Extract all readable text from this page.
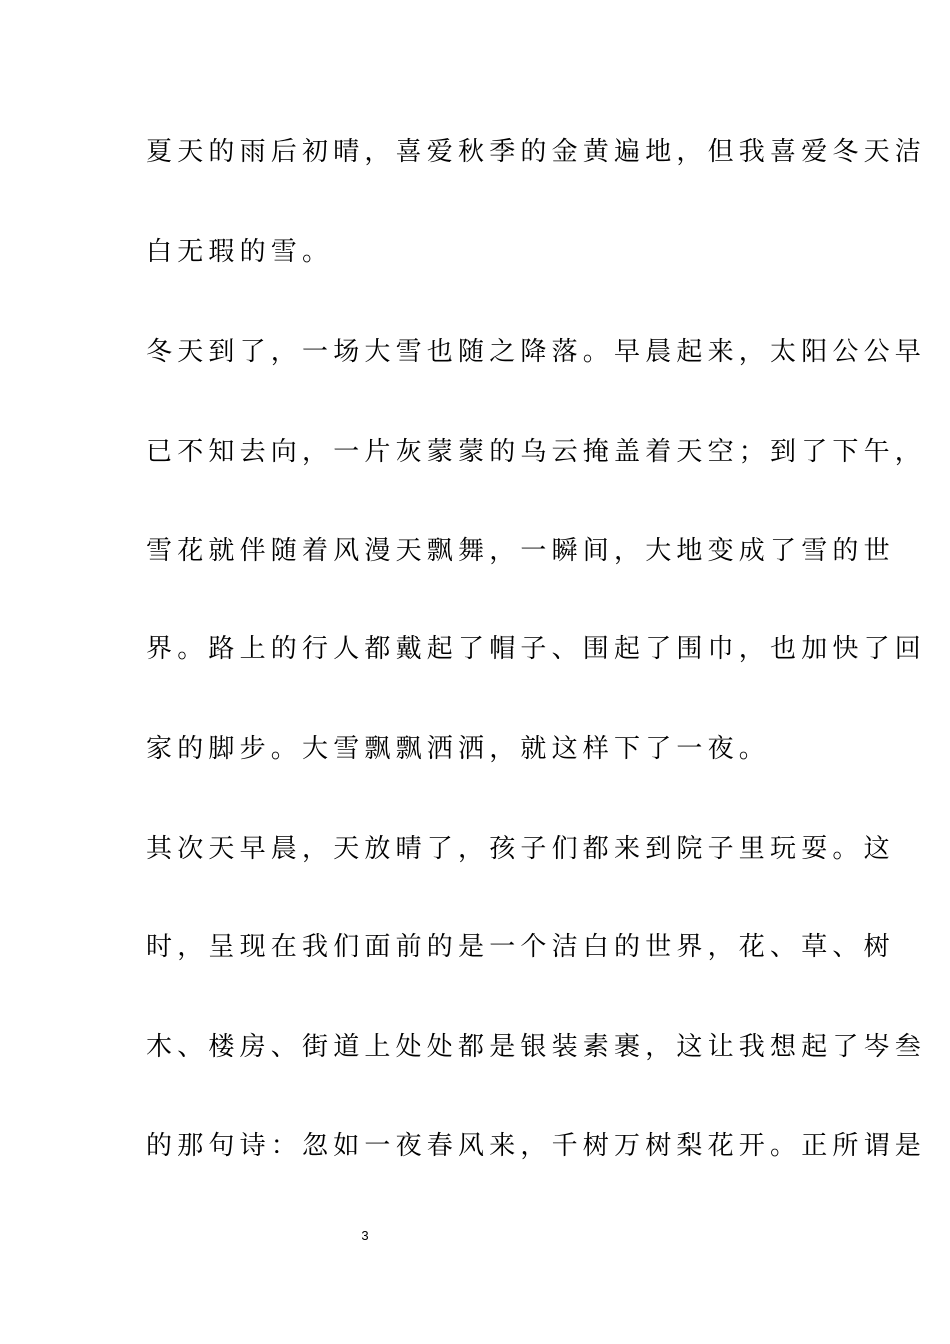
夏天的雨后初晴，喜爱秋季的金黄遍地，但我喜爱冬天洁
白无瑕的雪。
冬天到了，一场大雪也随之降落。早晨起来，太阳公公早
已不知去向，一片灰蒙蒙的乌云掩盖着天空；到了下午，
雪花就伴随着风漫天飘舞，一瞬间，大地变成了雪的世
界。路上的行人都戴起了帽子、围起了围巾，也加快了回
家的脚步。大雪飘飘洒洒，就这样下了一夜。
其次天早晨，天放晴了，孩子们都来到院子里玩耍。这
时，呈现在我们面前的是一个洁白的世界，花、草、树
木、楼房、街道上处处都是银装素裹，这让我想起了岑叁
的那句诗：忽如一夜春风来，千树万树梨花开。正所谓是
3
